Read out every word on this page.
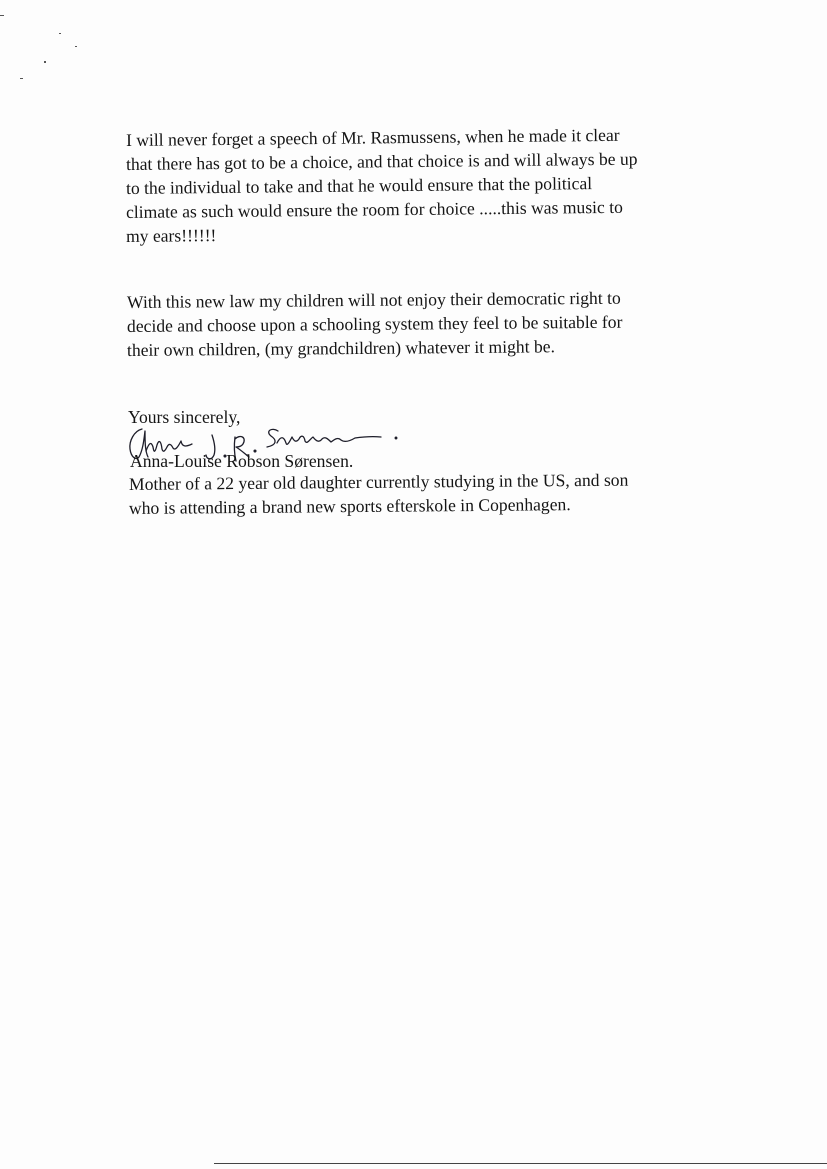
I will never forget a speech of Mr. Rasmussens, when he made it clear
that there has got to be a choice, and that choice is and will always be up
to the individual to take and that he would ensure that the political
climate as such would ensure the room for choice .....this was music to
my ears!!!!!!
With this new law my children will not enjoy their democratic right to
decide and choose upon a schooling system they feel to be suitable for
their own children, (my grandchildren) whatever it might be.
Yours sincerely,
Anna-Louise Robson Sørensen.
Mother of a 22 year old daughter currently studying in the US, and son
who is attending a brand new sports efterskole in Copenhagen.
